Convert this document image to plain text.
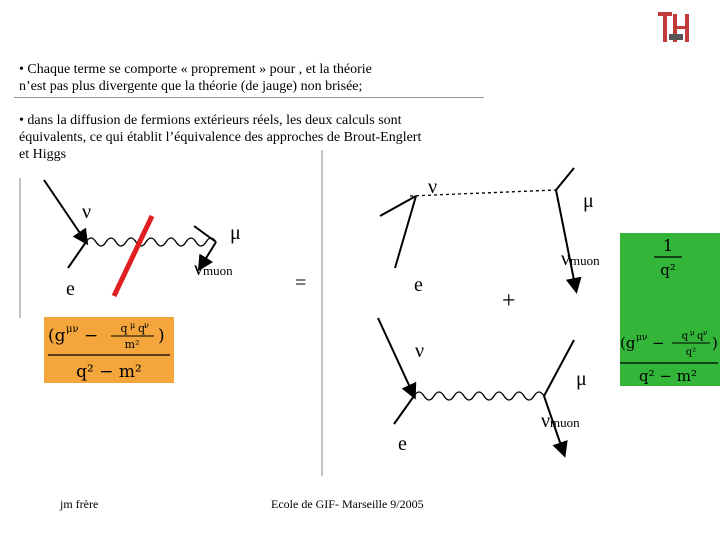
• Chaque terme se comporte « proprement » pour , et la théorie
n’est pas plus divergente que la théorie (de jauge) non brisée;
• dans la diffusion de fermions extérieurs réels, les deux calculs sont
équivalents, ce qui établit l’équivalence des approches de Brout-Englert
et Higgs
ν
e
μ
νmuon
=
ν
μ
e
νmuon
+
ν
μ
e
νmuon
(g μν − q μ q
ν
m² )
q² − m²
1
q²
(g μν − q μ q ν
q²
)
q² − m²
jm frère	Ecole de GIF- Marseille 9/2005
